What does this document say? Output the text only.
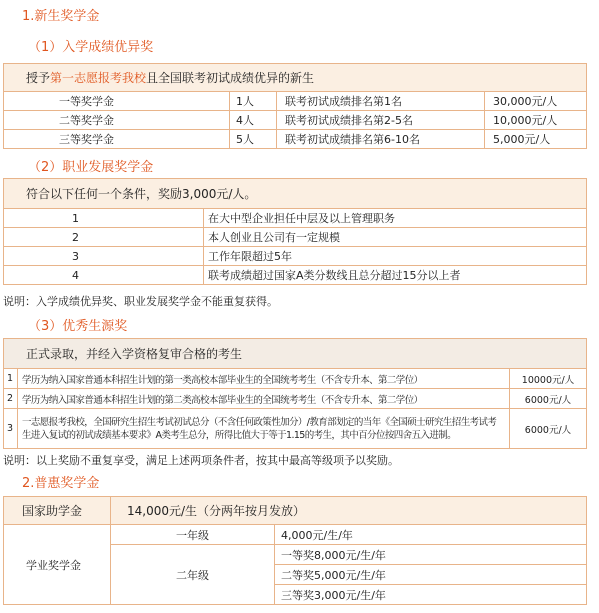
1.新生奖学金
（1）入学成绩优异奖
授予第一志愿报考我校且全国联考初试成绩优异的新生			
一等奖学金	1人	联考初试成绩排名第1名	30,000元/人
二等奖学金	4人	联考初试成绩排名第2-5名	10,000元/人
三等奖学金	5人	联考初试成绩排名第6-10名	5,000元/人
（2）职业发展奖学金
符合以下任何一个条件，奖励3,000元/人。	
1	在大中型企业担任中层及以上管理职务
2	本人创业且公司有一定规模
3	工作年限超过5年
4	联考成绩超过国家A类分数线且总分超过15分以上者
说明：入学成绩优异奖、职业发展奖学金不能重复获得。
（3）优秀生源奖
正式录取，并经入学资格复审合格的考生		
1	学历为纳入国家普通本科招生计划的第一类高校本部毕业生的全国统考考生（不含专升本、第二学位）	10000元/人
2	学历为纳入国家普通本科招生计划的第二类高校本部毕业生的全国统考考生（不含专升本、第二学位）	6000元/人
3	一志愿报考我校，全国研究生招生考试初试总分（不含任何政策性加分）/教育部划定的当年《全国硕士研究生招生考试考生进入复试的初试成绩基本要求》A类考生总分，所得比值大于等于1.15的考生，其中百分位按四舍五入进制。	6000元/人
说明：以上奖励不重复享受，满足上述两项条件者，按其中最高等级项予以奖励。
2.普惠奖学金
国家助学金	14,000元/生（分两年按月发放）	
学业奖学金	一年级	4,000元/生/年
	二年级	一等奖8,000元/生/年
		二等奖5,000元/生/年
		三等奖3,000元/生/年
